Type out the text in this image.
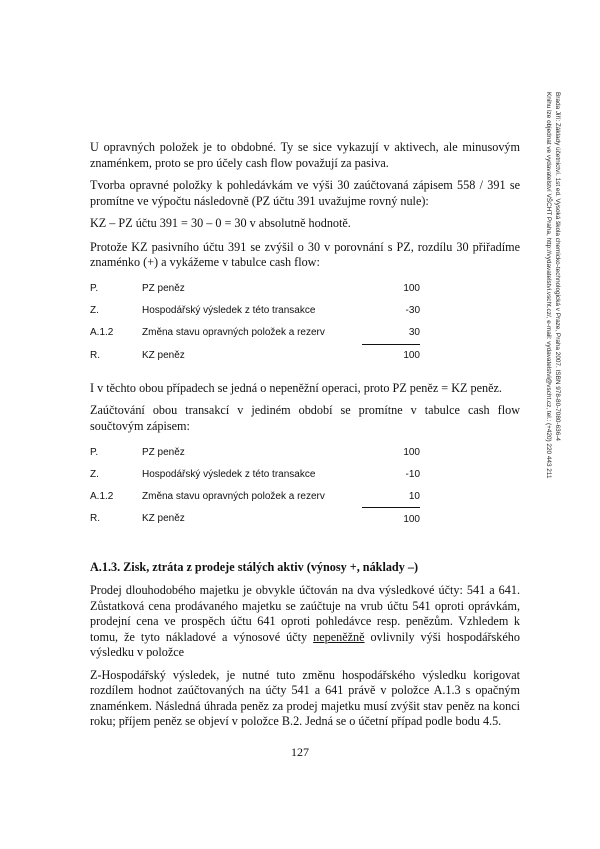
Brada Jiří: Základy účetnictví. 1st ed. Vysoká škola chemicko-technologická v Praze, Praha 2007. ISBN 978-80-7080-636-4
Knihu lze objednat ve vydavatelství VŠCHT Praha, http://vydavatelstvi.vscht.cz/, e-mail: vydavatelstvi@vscht.cz, tel.: (+420) 220 443 211

U opravných položek je to obdobné. Ty se sice vykazují v aktivech, ale minusovým znaménkem, proto se pro účely cash flow považují za pasiva.

Tvorba opravné položky k pohledávkám ve výši 30 zaúčtovaná zápisem 558 / 391 se promítne ve výpočtu následovně (PZ účtu 391 uvažujme rovný nule):

KZ – PZ účtu 391 = 30 – 0 = 30 v absolutně hodnotě.

Protože KZ pasivního účtu 391 se zvýšil o 30 v porovnání s PZ, rozdílu 30 přiřadíme znaménko (+) a vykážeme v tabulce cash flow:

P.	PZ peněz	100
Z.	Hospodářský výsledek z této transakce	-30
A.1.2	Změna stavu opravných položek a rezerv	30
R.	KZ peněz	100

I v těchto obou případech se jedná o nepeněžní operaci, proto PZ peněz = KZ peněz.

Zaúčtování obou transakcí v jediném období se promítne v tabulce cash flow součtovým zápisem:

P.	PZ peněz	100
Z.	Hospodářský výsledek z této transakce	-10
A.1.2	Změna stavu opravných položek a rezerv	10
R.	KZ peněz	100
A.1.3. Zisk, ztráta z prodeje stálých aktiv (výnosy +, náklady –)

Prodej dlouhodobého majetku je obvykle účtován na dva výsledkové účty: 541 a 641. Zůstatková cena prodávaného majetku se zaúčtuje na vrub účtu 541 oproti oprávkám, prodejní cena ve prospěch účtu 641 oproti pohledávce resp. penězům. Vzhledem k tomu, že tyto nákladové a výnosové účty nepeněžně ovlivnily výši hospodářského výsledku v položce

Z-Hospodářský výsledek, je nutné tuto změnu hospodářského výsledku korigovat rozdílem hodnot zaúčtovaných na účty 541 a 641 právě v položce A.1.3 s opačným znaménkem. Následná úhrada peněz za prodej majetku musí zvýšit stav peněz na konci roku; příjem peněz se objeví v položce B.2. Jedná se o účetní případ podle bodu 4.5.

127
